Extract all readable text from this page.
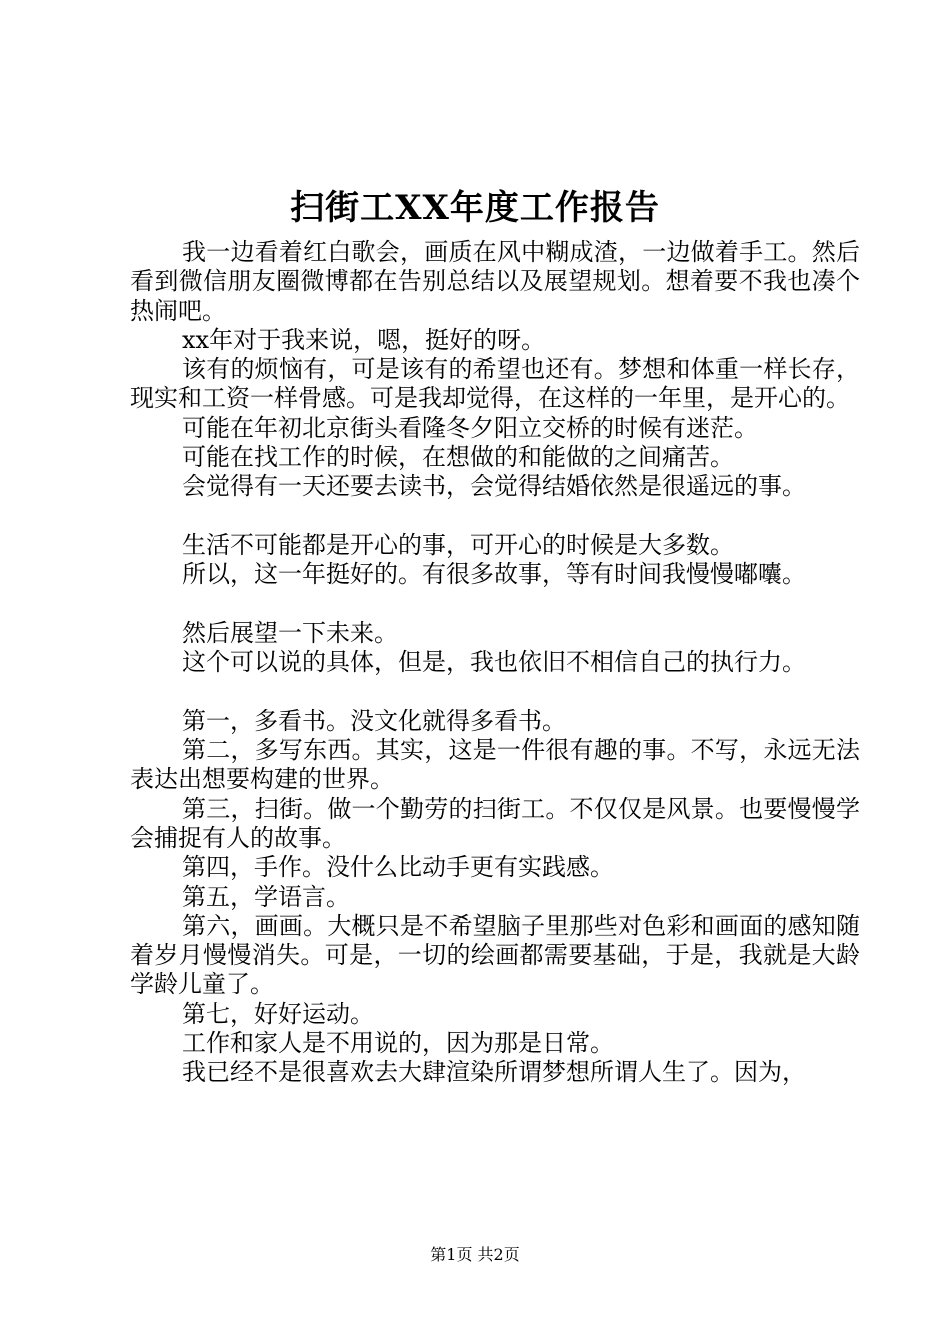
扫街工XX年度工作报告

我一边看着红白歌会，画质在风中糊成渣，一边做着手工。然后看到微信朋友圈微博都在告别总结以及展望规划。想着要不我也凑个热闹吧。

xx年对于我来说，嗯，挺好的呀。

该有的烦恼有，可是该有的希望也还有。梦想和体重一样长存，现实和工资一样骨感。可是我却觉得，在这样的一年里，是开心的。

可能在年初北京街头看隆冬夕阳立交桥的时候有迷茫。

可能在找工作的时候，在想做的和能做的之间痛苦。

会觉得有一天还要去读书，会觉得结婚依然是很遥远的事。

生活不可能都是开心的事，可开心的时候是大多数。

所以，这一年挺好的。有很多故事，等有时间我慢慢嘟囔。

然后展望一下未来。

这个可以说的具体，但是，我也依旧不相信自己的执行力。

第一，多看书。没文化就得多看书。

第二，多写东西。其实，这是一件很有趣的事。不写，永远无法表达出想要构建的世界。

第三，扫街。做一个勤劳的扫街工。不仅仅是风景。也要慢慢学会捕捉有人的故事。

第四，手作。没什么比动手更有实践感。

第五，学语言。

第六，画画。大概只是不希望脑子里那些对色彩和画面的感知随着岁月慢慢消失。可是，一切的绘画都需要基础，于是，我就是大龄学龄儿童了。

第七，好好运动。

工作和家人是不用说的，因为那是日常。

我已经不是很喜欢去大肆渲染所谓梦想所谓人生了。因为，

第1页 共2页
